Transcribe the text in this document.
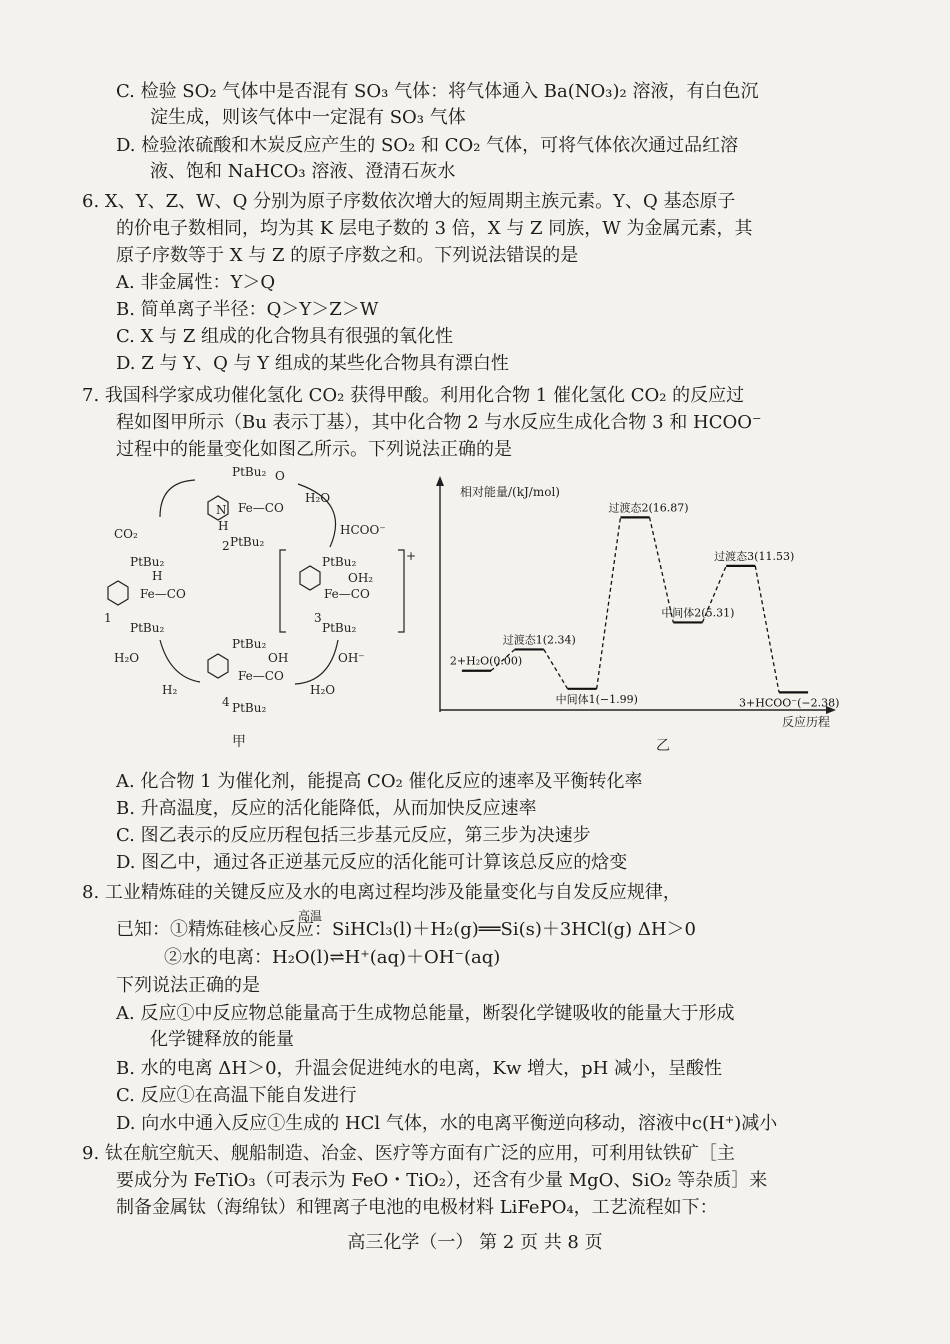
C. 检验 SO₂ 气体中是否混有 SO₃ 气体：将气体通入 Ba(NO₃)₂ 溶液，有白色沉
淀生成，则该气体中一定混有 SO₃ 气体
D. 检验浓硫酸和木炭反应产生的 SO₂ 和 CO₂ 气体，可将气体依次通过品红溶
液、饱和 NaHCO₃ 溶液、澄清石灰水
6. X、Y、Z、W、Q 分别为原子序数依次增大的短周期主族元素。Y、Q 基态原子
的价电子数相同，均为其 K 层电子数的 3 倍，X 与 Z 同族，W 为金属元素，其
原子序数等于 X 与 Z 的原子序数之和。下列说法错误的是
A. 非金属性：Y＞Q
B. 简单离子半径：Q＞Y＞Z＞W
C. X 与 Z 组成的化合物具有很强的氧化性
D. Z 与 Y、Q 与 Y 组成的某些化合物具有漂白性
7. 我国科学家成功催化氢化 CO₂ 获得甲酸。利用化合物 1 催化氢化 CO₂ 的反应过
程如图甲所示（Bu 表示丁基），其中化合物 2 与水反应生成化合物 3 和 HCOO⁻
过程中的能量变化如图乙所示。下列说法正确的是
PtBu₂ O
Fe—CO
N
H
PtBu₂
2
H₂O
HCOO⁻
CO₂
PtBu₂
H
Fe—CO
PtBu₂
1
PtBu₂
OH₂
Fe—CO
PtBu₂
3
+
OH⁻
H₂O
PtBu₂
OH
Fe—CO
PtBu₂
4
H₂O
H₂
甲
相对能量/(kJ/mol)
反应历程
乙
2+H₂O(0.00)
过渡态1(2.34)
中间体1(−1.99)
过渡态2(16.87)
中间体2(5.31)
过渡态3(11.53)
3+HCOO⁻(−2.38)
A. 化合物 1 为催化剂，能提高 CO₂ 催化反应的速率及平衡转化率
B. 升高温度，反应的活化能降低，从而加快反应速率
C. 图乙表示的反应历程包括三步基元反应，第三步为决速步
D. 图乙中，通过各正逆基元反应的活化能可计算该总反应的焓变
8. 工业精炼硅的关键反应及水的电离过程均涉及能量变化与自发反应规律，
高温
已知：①精炼硅核心反应：SiHCl₃(l)＋H₂(g)══Si(s)＋3HCl(g) ΔH＞0
②水的电离：H₂O(l)⇌H⁺(aq)＋OH⁻(aq)
下列说法正确的是
A. 反应①中反应物总能量高于生成物总能量，断裂化学键吸收的能量大于形成
化学键释放的能量
B. 水的电离 ΔH＞0，升温会促进纯水的电离，Kw 增大，pH 减小，呈酸性
C. 反应①在高温下能自发进行
D. 向水中通入反应①生成的 HCl 气体，水的电离平衡逆向移动，溶液中c(H⁺)减小
9. 钛在航空航天、舰船制造、冶金、医疗等方面有广泛的应用，可利用钛铁矿［主
要成分为 FeTiO₃（可表示为 FeO・TiO₂），还含有少量 MgO、SiO₂ 等杂质］来
制备金属钛（海绵钛）和锂离子电池的电极材料 LiFePO₄，工艺流程如下：
高三化学（一） 第 2 页 共 8 页
